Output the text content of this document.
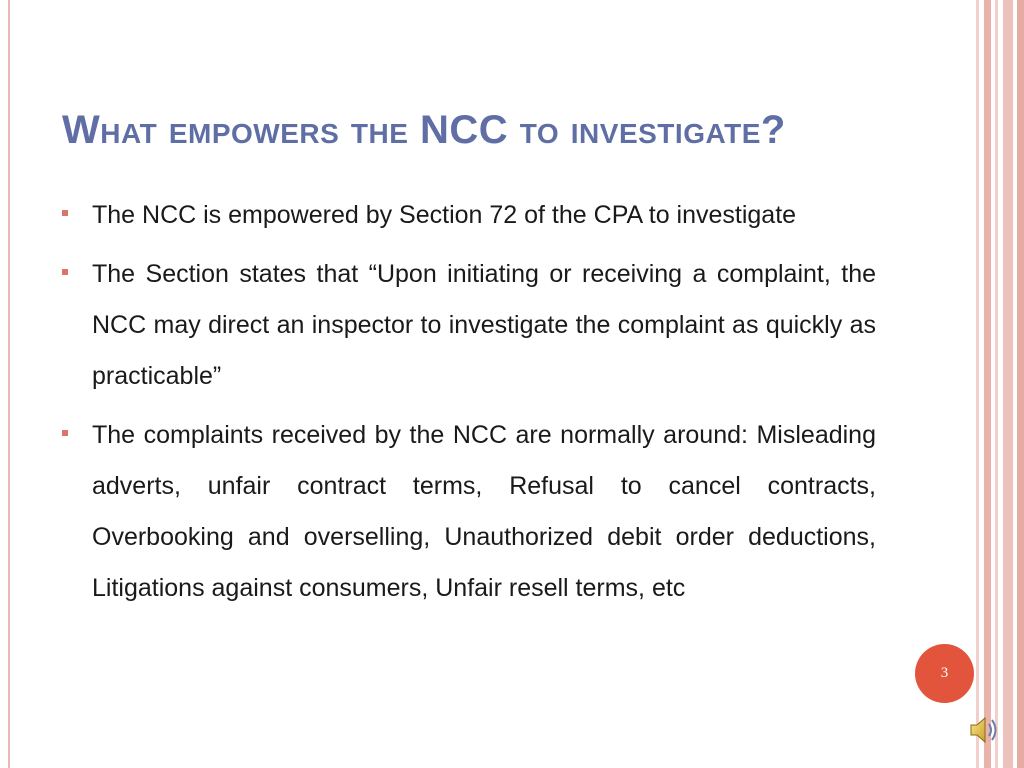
What empowers the NCC to investigate?
The NCC is empowered by Section 72 of the CPA to investigate
The Section states that “Upon initiating or receiving a complaint, the NCC may direct an inspector to investigate the complaint as quickly as practicable”
The complaints received by the NCC are normally around: Misleading adverts, unfair contract terms, Refusal to cancel contracts, Overbooking and overselling, Unauthorized debit order deductions, Litigations against consumers, Unfair resell terms, etc
3
